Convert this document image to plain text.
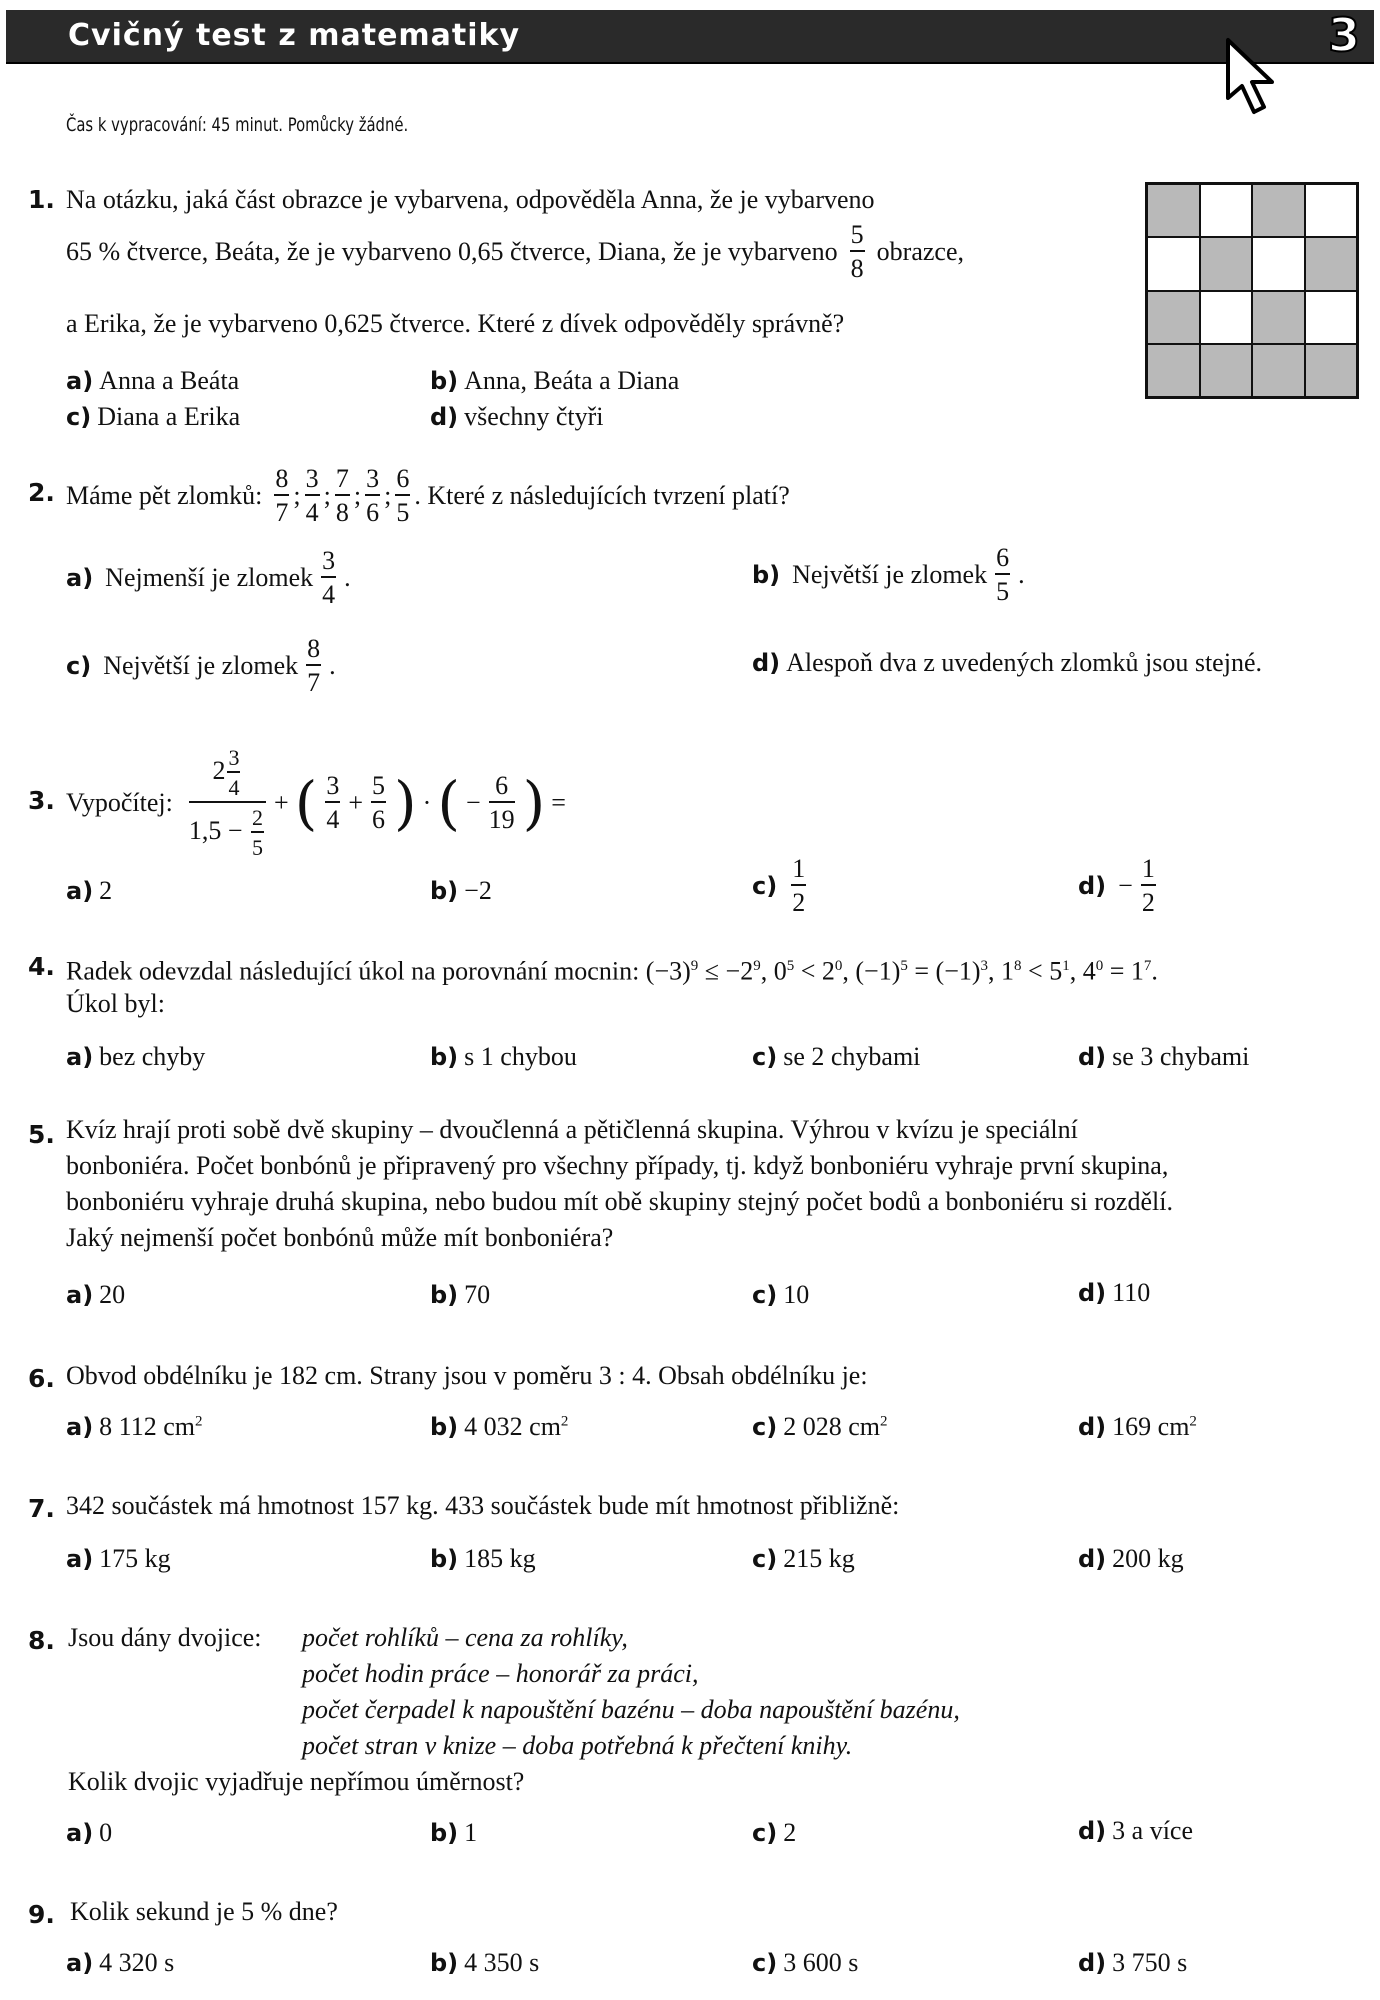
Cvičný test z matematiky	3
Čas k vypracování: 45 minut. Pomůcky žádné.
1. Na otázku, jaká část obrazce je vybarvena, odpověděla Anna, že je vybarveno
65 % čtverce, Beáta, že je vybarveno 0,65 čtverce, Diana, že je vybarveno $\frac{5}{8}$ obrazce,
a Erika, že je vybarveno 0,625 čtverce. Které z dívek odpověděly správně?
a) Anna a Beáta	b) Anna, Beáta a Diana
c) Diana a Erika	d) všechny čtyři
2. Máme pět zlomků: $\frac{8}{7}$ ; $\frac{3}{4}$ ; $\frac{7}{8}$ ; $\frac{3}{6}$ ; $\frac{6}{5}$ . Které z následujících tvrzení platí?
a) Nejmenší je zlomek $\frac{3}{4}$ .	b) Největší je zlomek $\frac{6}{5}$ .
c) Největší je zlomek $\frac{8}{7}$ .	d) Alespoň dva z uvedených zlomků jsou stejné.
3. Vypočítej: $\frac{2 \frac{3}{4}}{1,5 - \frac{2}{5}}$ + ( $\frac{3}{4} + \frac{5}{6}$ ) · ( − $\frac{6}{19}$ ) =
a) 2	b) −2	$c) \frac{1}{2}$	$d) - \frac{1}{2}$
4. Radek odevzdal následující úkol na porovnání mocnin: $(-3)^9 \le -2^9$, $0^5 < 2^0$, $(-1)^5 = (-1)^3$, $1^8 < 5^1$, $4^0 = 1^7$.
Úkol byl:
a) bez chyby	b) s 1 chybou	c) se 2 chybami	d) se 3 chybami
5. Kvíz hrají proti sobě dvě skupiny – dvoučlenná a pětičlenná skupina. Výhrou v kvízu je speciální
bonboniéra. Počet bonbónů je připravený pro všechny případy, tj. když bonboniéru vyhraje první skupina,
bonboniéru vyhraje druhá skupina, nebo budou mít obě skupiny stejný počet bodů a bonboniéru si rozdělí.
Jaký nejmenší počet bonbónů může mít bonboniéra?
a) 20	b) 70	c) 10	d) 110
6. Obvod obdélníku je 182 cm. Strany jsou v poměru 3 : 4. Obsah obdélníku je:
a) 8 112 $cm^2$	b) 4 032 $cm^2$	c) 2 028 $cm^2$	d) 169 $cm^2$
7. 342 součástek má hmotnost 157 kg. 433 součástek bude mít hmotnost přibližně:
a) 175 kg	b) 185 kg	c) 215 kg	d) 200 kg
8. Jsou dány dvojice: počet rohlíků – cena za rohlíky,
počet hodin práce – honorář za práci,
počet čerpadel k napouštění bazénu – doba napouštění bazénu,
počet stran v knize – doba potřebná k přečtení knihy.
Kolik dvojic vyjadřuje nepřímou úměrnost?
a) 0	b) 1	c) 2	d) 3 a více
9. Kolik sekund je 5 % dne?
a) 4 320 s	b) 4 350 s	c) 3 600 s	d) 3 750 s
